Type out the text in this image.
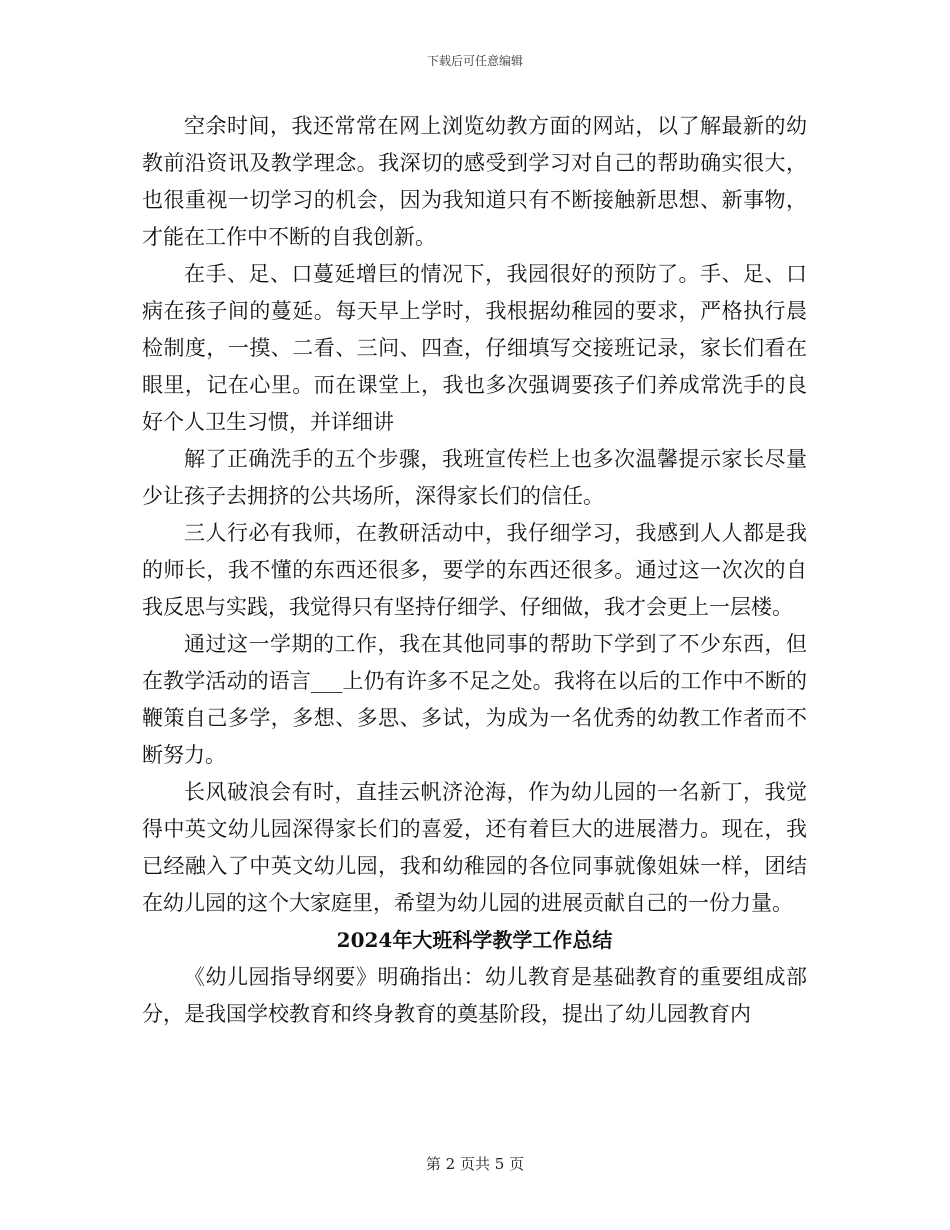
下载后可任意编辑

空余时间，我还常常在网上浏览幼教方面的网站，以了解最新的幼教前沿资讯及教学理念。我深切的感受到学习对自己的帮助确实很大，也很重视一切学习的机会，因为我知道只有不断接触新思想、新事物，才能在工作中不断的自我创新。

在手、足、口蔓延增巨的情况下，我园很好的预防了。手、足、口病在孩子间的蔓延。每天早上学时，我根据幼稚园的要求，严格执行晨检制度，一摸、二看、三问、四查，仔细填写交接班记录，家长们看在眼里，记在心里。而在课堂上，我也多次强调要孩子们养成常洗手的良好个人卫生习惯，并详细讲

解了正确洗手的五个步骤，我班宣传栏上也多次温馨提示家长尽量少让孩子去拥挤的公共场所，深得家长们的信任。

三人行必有我师，在教研活动中，我仔细学习，我感到人人都是我的师长，我不懂的东西还很多，要学的东西还很多。通过这一次次的自我反思与实践，我觉得只有坚持仔细学、仔细做，我才会更上一层楼。

通过这一学期的工作，我在其他同事的帮助下学到了不少东西，但在教学活动的语言___上仍有许多不足之处。我将在以后的工作中不断的鞭策自己多学，多想、多思、多试，为成为一名优秀的幼教工作者而不断努力。

长风破浪会有时，直挂云帆济沧海，作为幼儿园的一名新丁，我觉得中英文幼儿园深得家长们的喜爱，还有着巨大的进展潜力。现在，我已经融入了中英文幼儿园，我和幼稚园的各位同事就像姐妹一样，团结在幼儿园的这个大家庭里，希望为幼儿园的进展贡献自己的一份力量。

2024年大班科学教学工作总结

《幼儿园指导纲要》明确指出：幼儿教育是基础教育的重要组成部分，是我国学校教育和终身教育的奠基阶段，提出了幼儿园教育内

第 2 页共 5 页
